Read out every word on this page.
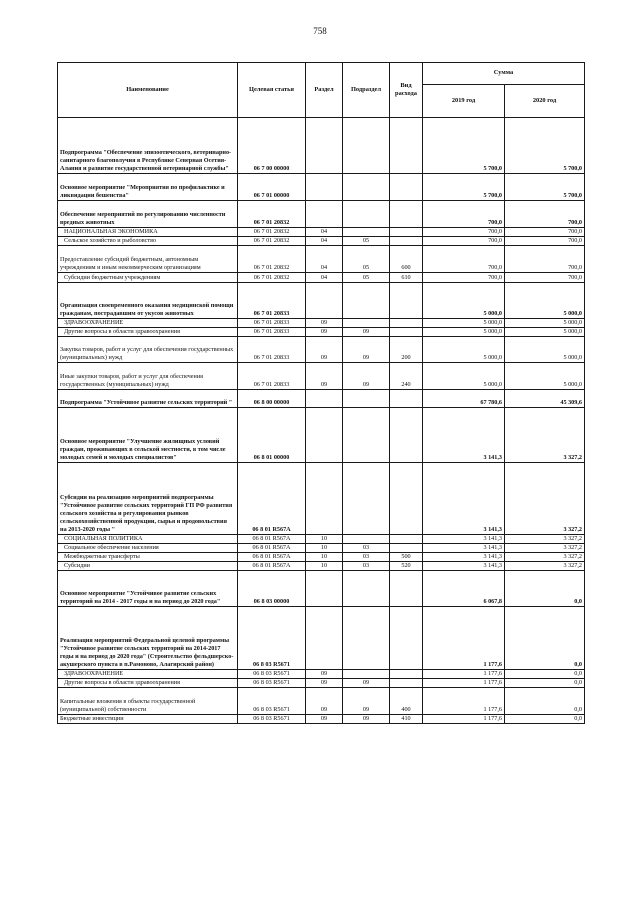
758
Наименование	Целевая статья	Раздел	Подраздел	Вид расхода	Сумма	
					2019 год	2020 год
Подпрограмма "Обеспечение эпизоотического, ветеринарно-санитарного благополучия в Республике Северная Осетия-Алания и развитие государственной ветеринарной службы"	06 7 00 00000				5 700,0	5 700,0
Основное мероприятие "Мероприятия по профилактике и ликвидации бешенства"	06 7 01 00000				5 700,0	5 700,0
Обеспечение мероприятий по регулированию численности вредных животных	06 7 01 20832				700,0	700,0
НАЦИОНАЛЬНАЯ ЭКОНОМИКА	06 7 01 20832	04			700,0	700,0
Сельское хозяйство и рыболовство	06 7 01 20832	04	05		700,0	700,0
Предоставление субсидий бюджетным, автономным учреждениям и иным некоммерческим организациям	06 7 01 20832	04	05	600	700,0	700,0
Субсидии бюджетным учреждениям	06 7 01 20832	04	05	610	700,0	700,0
Организация своевременного оказания медицинской помощи гражданам, пострадавшим от укусов животных	06 7 01 20833				5 000,0	5 000,0
ЗДРАВООХРАНЕНИЕ	06 7 01 20833	09			5 000,0	5 000,0
Другие вопросы в области здравоохранения	06 7 01 20833	09	09		5 000,0	5 000,0
Закупка товаров, работ и услуг для обеспечения государственных (муниципальных) нужд	06 7 01 20833	09	09	200	5 000,0	5 000,0
Иные закупки товаров, работ и услуг для обеспечения государственных (муниципальных) нужд	06 7 01 20833	09	09	240	5 000,0	5 000,0
Подпрограмма "Устойчивое развитие сельских территорий "	06 8 00 00000				67 780,6	45 309,6
Основное мероприятие "Улучшение жилищных условий граждан, проживающих в сельской местности, в том числе молодых семей и молодых специалистов"	06 8 01 00000				3 141,3	3 327,2
Субсидии на реализацию мероприятий подпрограммы "Устойчивое развитие сельских территорий ГП РФ развития сельского хозяйства и регулирования рынков сельскохозяйственной продукции, сырья и продовольствия на 2013-2020 годы "	06 8 01 R567A				3 141,3	3 327,2
СОЦИАЛЬНАЯ ПОЛИТИКА	06 8 01 R567A	10			3 141,3	3 327,2
Социальное обеспечение населения	06 8 01 R567A	10	03		3 141,3	3 327,2
Межбюджетные трансферты	06 8 01 R567A	10	03	500	3 141,3	3 327,2
Субсидии	06 8 01 R567A	10	03	520	3 141,3	3 327,2
Основное мероприятие "Устойчивое развитие сельских территорий на 2014 - 2017 годы и на период до 2020 года"	06 8 03 00000				6 067,8	0,0
Реализация мероприятий Федеральной целевой программы "Устойчивое развитие сельских территорий на 2014-2017 годы и на период до 2020 года" (Строительство фельдшерско-акушерского пункта в п.Рамоново, Алагирский район)	06 8 03 R5671				1 177,6	0,0
ЗДРАВООХРАНЕНИЕ	06 8 03 R5671	09			1 177,6	0,0
Другие вопросы в области здравоохранения	06 8 03 R5671	09	09		1 177,6	0,0
Капитальные вложения в объекты государственной (муниципальной) собственности	06 8 03 R5671	09	09	400	1 177,6	0,0
Бюджетные инвестиции	06 8 03 R5671	09	09	410	1 177,6	0,0
